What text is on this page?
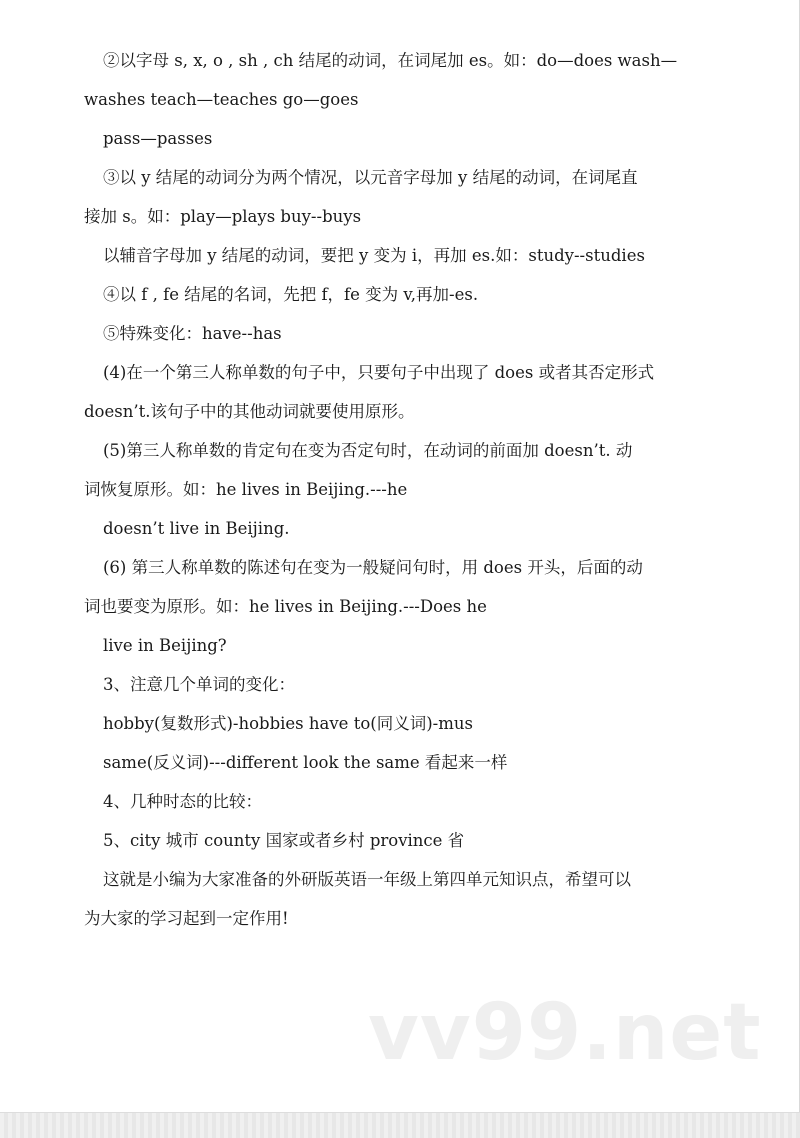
②以字母 s, x, o , sh , ch 结尾的动词，在词尾加 es。如：do—does wash—
washes teach—teaches go—goes
pass—passes
③以 y 结尾的动词分为两个情况，以元音字母加 y 结尾的动词，在词尾直
接加 s。如：play—plays buy--buys
以辅音字母加 y 结尾的动词，要把 y 变为 i，再加 es.如：study--studies
④以 f , fe 结尾的名词，先把 f，fe 变为 v,再加-es.
⑤特殊变化：have--has
(4)在一个第三人称单数的句子中，只要句子中出现了 does 或者其否定形式
doesn’t.该句子中的其他动词就要使用原形。
(5)第三人称单数的肯定句在变为否定句时，在动词的前面加 doesn’t. 动
词恢复原形。如：he lives in Beijing.---he
doesn’t live in Beijing.
(6) 第三人称单数的陈述句在变为一般疑问句时，用 does 开头，后面的动
词也要变为原形。如：he lives in Beijing.---Does he
live in Beijing?
3、注意几个单词的变化：
hobby(复数形式)-hobbies have to(同义词)-mus
same(反义词)---different look the same 看起来一样
4、几种时态的比较：
5、city 城市 county 国家或者乡村 province 省
这就是小编为大家准备的外研版英语一年级上第四单元知识点，希望可以
为大家的学习起到一定作用!
vv99.net
